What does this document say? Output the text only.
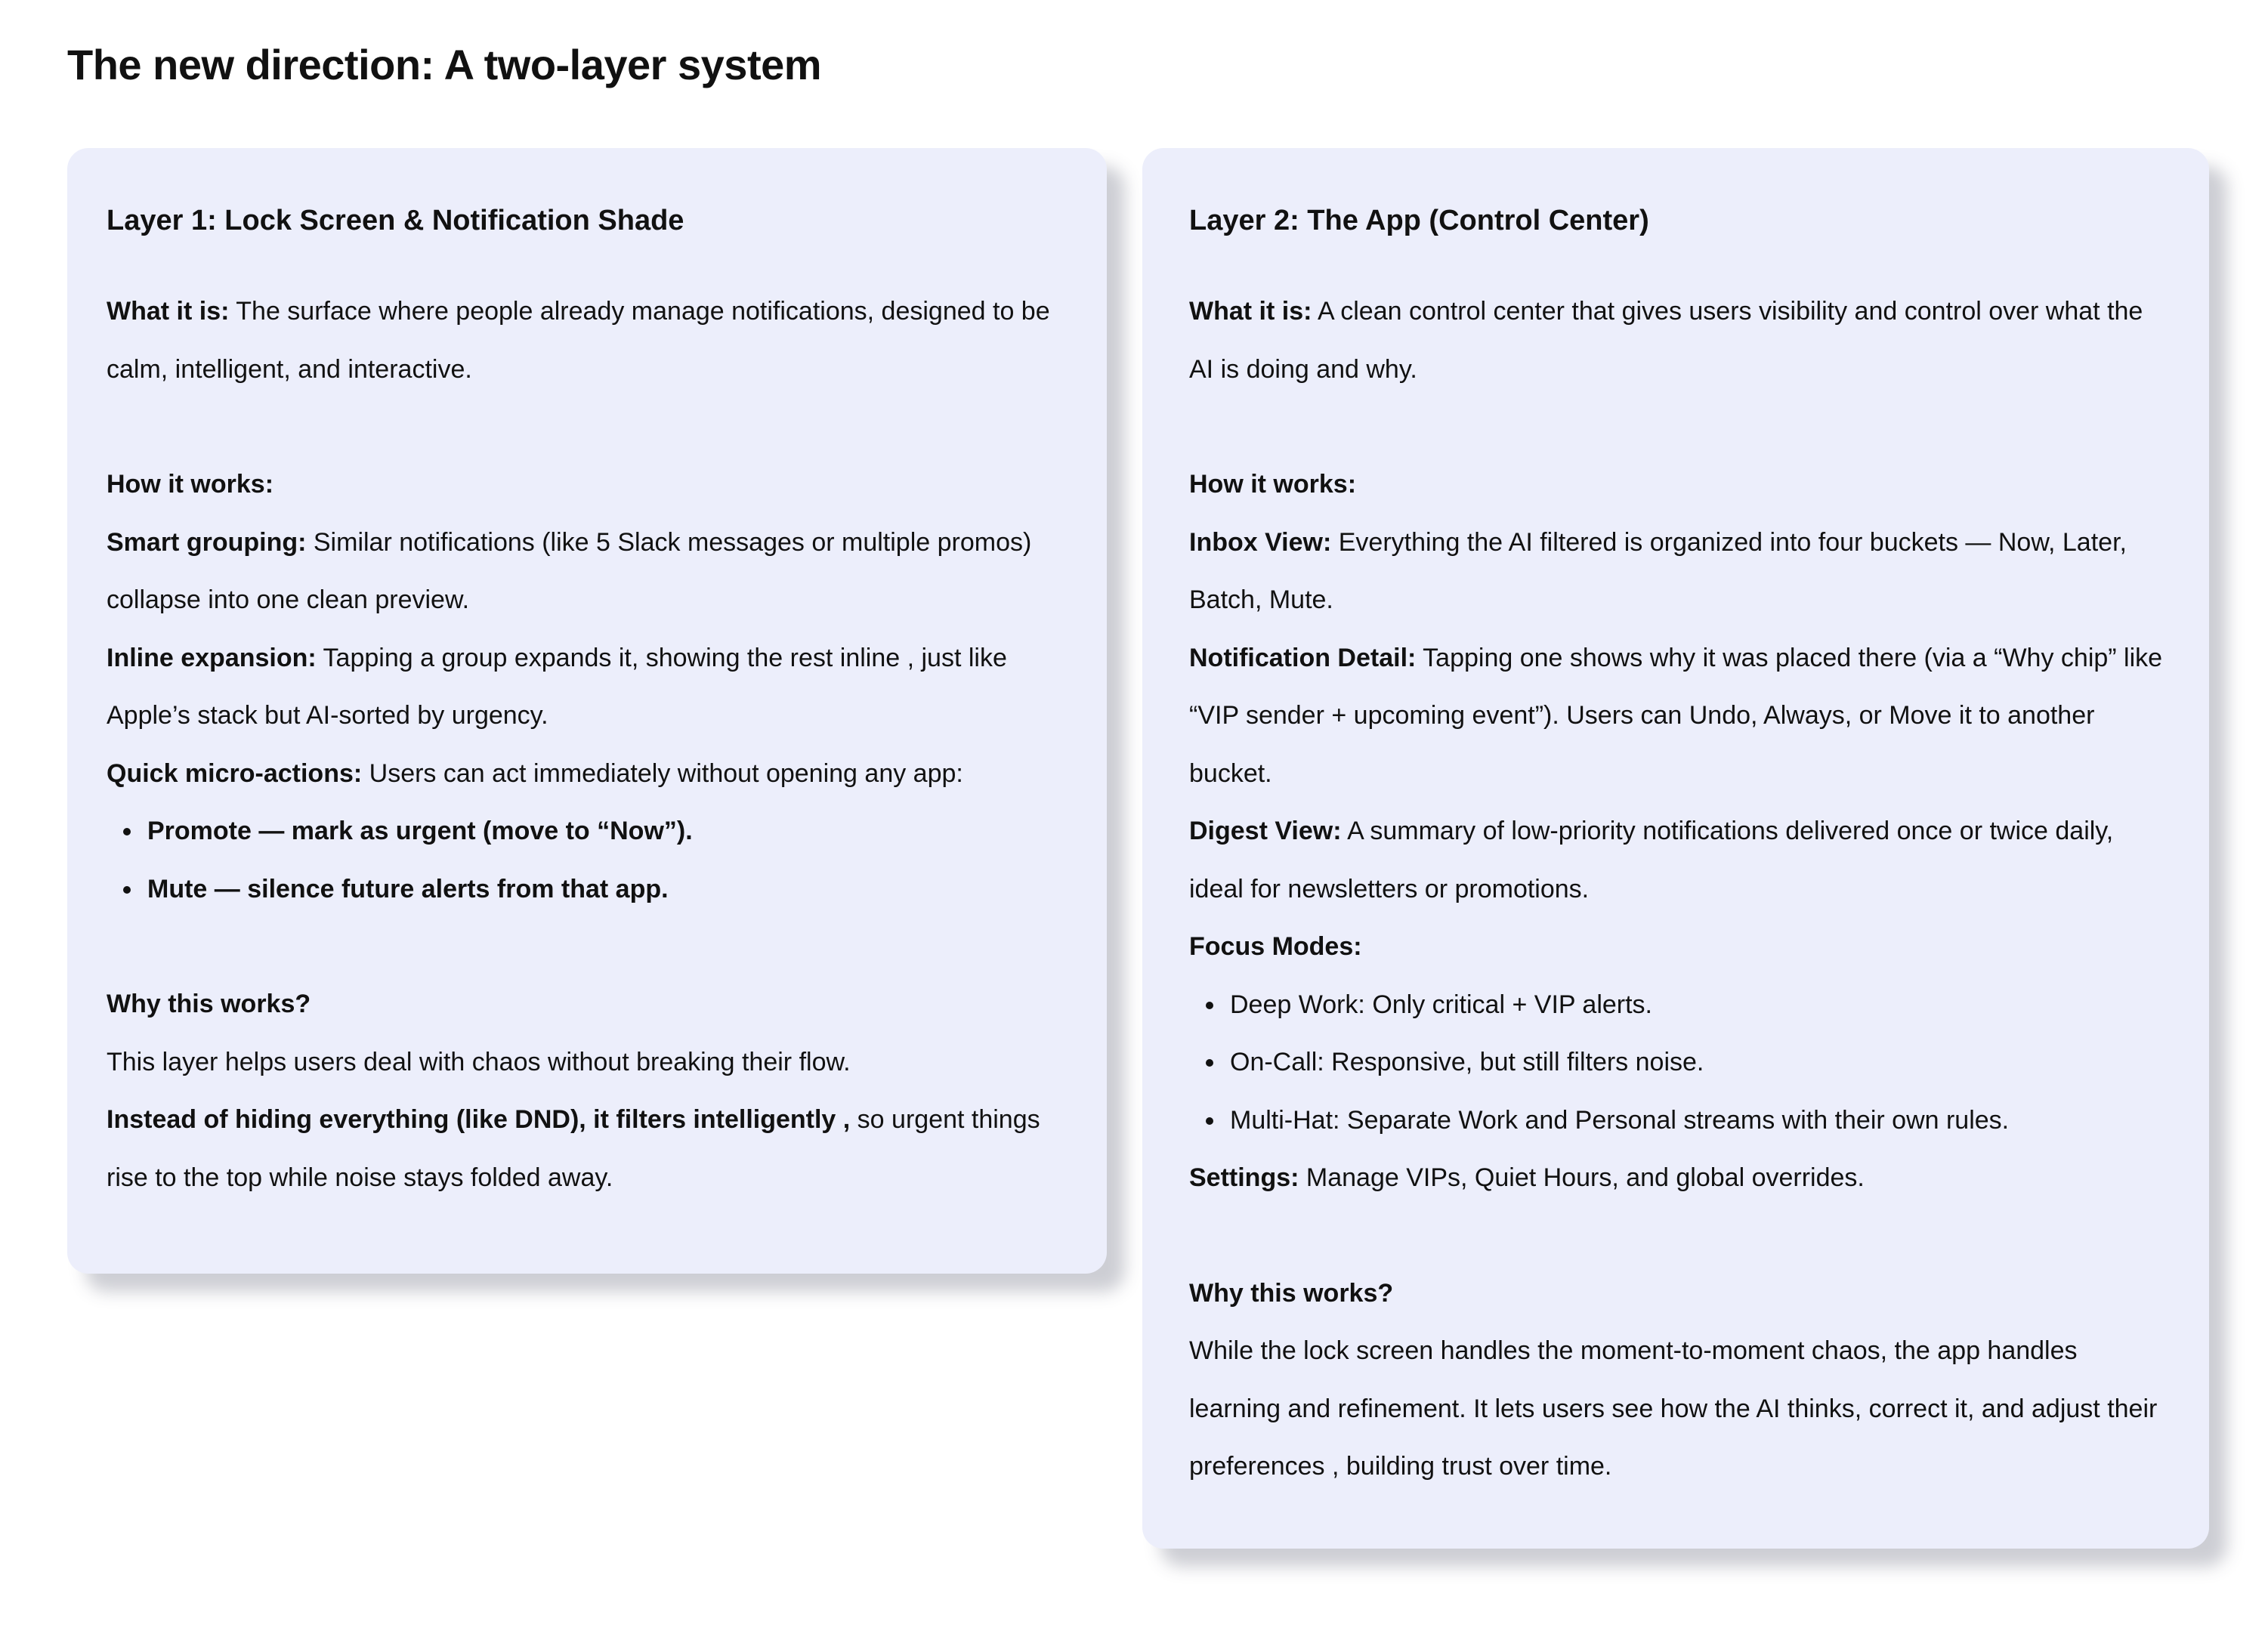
The new direction: A two-layer system
Layer 1: Lock Screen & Notification Shade

What it is: The surface where people already manage notifications, designed to be calm, intelligent, and interactive.

How it works:

Smart grouping: Similar notifications (like 5 Slack messages or multiple promos) collapse into one clean preview.

Inline expansion: Tapping a group expands it, showing the rest inline , just like Apple’s stack but AI-sorted by urgency.

Quick micro-actions: Users can act immediately without opening any app:

Promote — mark as urgent (move to “Now”).
Mute — silence future alerts from that app.

Why this works?

This layer helps users deal with chaos without breaking their flow.

Instead of hiding everything (like DND), it filters intelligently , so urgent things rise to the top while noise stays folded away.

Layer 2: The App (Control Center)

What it is: A clean control center that gives users visibility and control over what the AI is doing and why.

How it works:

Inbox View: Everything the AI filtered is organized into four buckets — Now, Later, Batch, Mute.

Notification Detail: Tapping one shows why it was placed there (via a “Why chip” like “VIP sender + upcoming event”). Users can Undo, Always, or Move it to another bucket.

Digest View: A summary of low-priority notifications delivered once or twice daily, ideal for newsletters or promotions.

Focus Modes:

Deep Work: Only critical + VIP alerts.
On-Call: Responsive, but still filters noise.
Multi-Hat: Separate Work and Personal streams with their own rules.

Settings: Manage VIPs, Quiet Hours, and global overrides.

Why this works?

While the lock screen handles the moment-to-moment chaos, the app handles learning and refinement. It lets users see how the AI thinks, correct it, and adjust their preferences , building trust over time.
